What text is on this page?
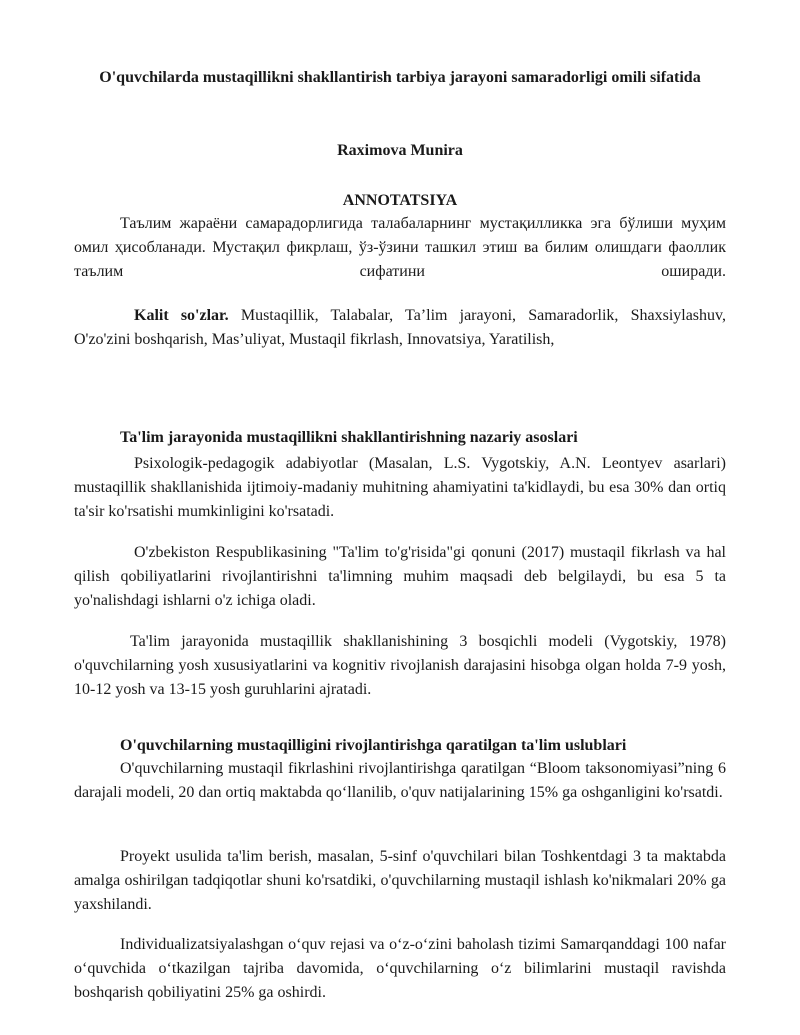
O'quvchilarda mustaqillikni shakllantirish tarbiya jarayoni samaradorligi omili sifatida
Raximova Munira
ANNOTATSIYA
Таълим жараёни самарадорлигида талабаларнинг мустақилликка эга бўлиши муҳим омил ҳисобланади. Мустақил фикрлаш, ўз-ўзини ташкил этиш ва билим олишдаги фаоллик таълим сифатини оширади.
Kalit so'zlar. Mustaqillik, Talabalar, Ta’lim jarayoni, Samaradorlik, Shaxsiylashuv, O'zo'zini boshqarish, Mas’uliyat, Mustaqil fikrlash, Innovatsiya, Yaratilish,
Ta'lim jarayonida mustaqillikni shakllantirishning nazariy asoslari
Psixologik-pedagogik adabiyotlar (Masalan, L.S. Vygotskiy, A.N. Leontyev asarlari) mustaqillik shakllanishida ijtimoiy-madaniy muhitning ahamiyatini ta'kidlaydi, bu esa 30% dan ortiq ta'sir ko'rsatishi mumkinligini ko'rsatadi.
O'zbekiston Respublikasining "Ta'lim to'g'risida"gi qonuni (2017) mustaqil fikrlash va hal qilish qobiliyatlarini rivojlantirishni ta'limning muhim maqsadi deb belgilaydi, bu esa 5 ta yo'nalishdagi ishlarni o'z ichiga oladi.
Ta'lim jarayonida mustaqillik shakllanishining 3 bosqichli modeli (Vygotskiy, 1978) o'quvchilarning yosh xususiyatlarini va kognitiv rivojlanish darajasini hisobga olgan holda 7-9 yosh, 10-12 yosh va 13-15 yosh guruhlarini ajratadi.
O'quvchilarning mustaqilligini rivojlantirishga qaratilgan ta'lim uslublari
O'quvchilarning mustaqil fikrlashini rivojlantirishga qaratilgan “Bloom taksonomiyasi”ning 6 darajali modeli, 20 dan ortiq maktabda qo‘llanilib, o'quv natijalarining 15% ga oshganligini ko'rsatdi.
Proyekt usulida ta'lim berish, masalan, 5-sinf o'quvchilari bilan Toshkentdagi 3 ta maktabda amalga oshirilgan tadqiqotlar shuni ko'rsatdiki, o'quvchilarning mustaqil ishlash ko'nikmalari 20% ga yaxshilandi.
Individualizatsiyalashgan o‘quv rejasi va o‘z-o‘zini baholash tizimi Samarqanddagi 100 nafar o‘quvchida o‘tkazilgan tajriba davomida, o‘quvchilarning o‘z bilimlarini mustaqil ravishda boshqarish qobiliyatini 25% ga oshirdi.
